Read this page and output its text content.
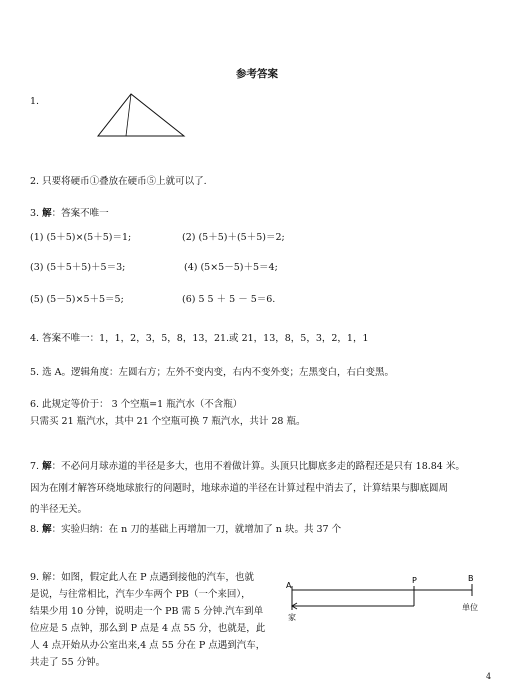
参考答案
1.
2. 只要将硬币①叠放在硬币⑤上就可以了.
3. 解：答案不唯一
(1) (5＋5)×(5＋5)＝1;	(2) (5＋5)＋(5＋5)＝2;
(3) (5＋5＋5)＋5＝3;	(4) (5×5－5)＋5＝4;
(5) (5－5)×5＋5＝5;	(6) 5 5 ＋ 5 － 5＝6.
4. 答案不唯一：1，1，2，3，5，8，13，21.或 21，13，8，5，3，2，1，1
5. 选 A。逻辑角度：左圆右方；左外不变内变，右内不变外变；左黑变白，右白变黑。
6. 此规定等价于： 3 个空瓶=1 瓶汽水（不含瓶）
只需买 21 瓶汽水，其中 21 个空瓶可换 7 瓶汽水，共计 28 瓶。
7. 解：不必问月球赤道的半径是多大，也用不着做计算。头顶只比脚底多走的路程还是只有 18.84 米。
因为在刚才解答环绕地球旅行的问题时，地球赤道的半径在计算过程中消去了，计算结果与脚底圆周
的半径无关。
8. 解：实验归纳：在 n 刀的基础上再增加一刀，就增加了 n 块。共 37 个
9. 解：如图，假定此人在 P 点遇到接他的汽车，也就
是说，与往常相比，汽车少车两个 PB（一个来回），
结果少用 10 分钟，说明走一个 PB 需 5 分钟.汽车到单
位应是 5 点钟，那么到 P 点是 4 点 55 分，也就是，此
人 4 点开始从办公室出来,4 点 55 分在 P 点遇到汽车，
共走了 55 分钟。
A
P	B
家
单位
4
